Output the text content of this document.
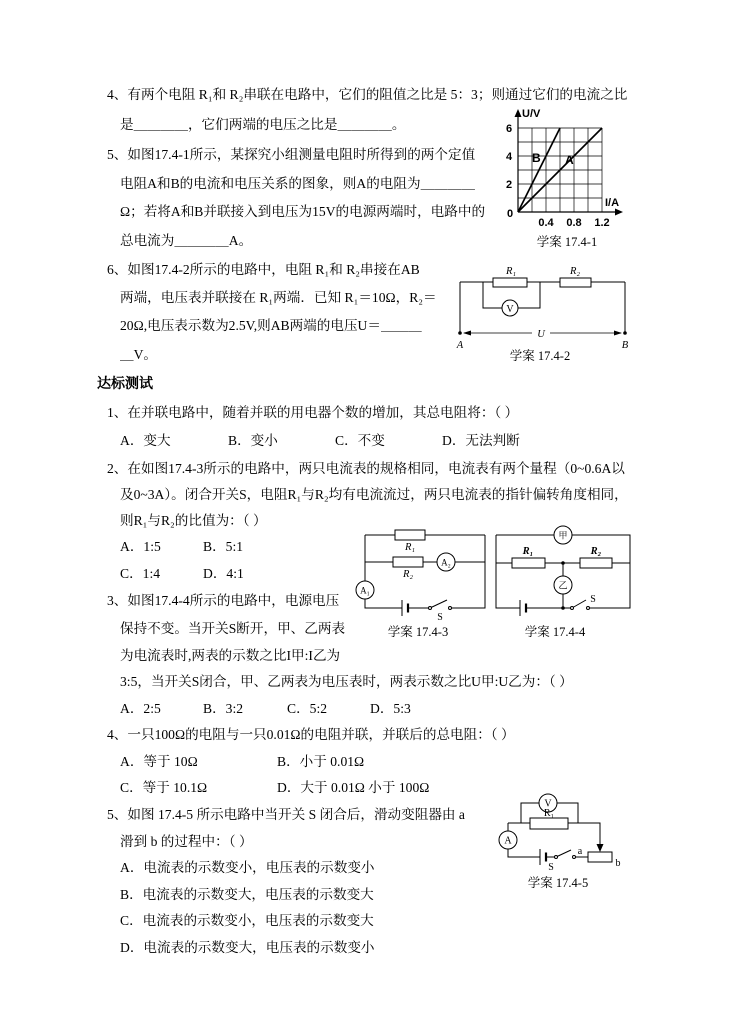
4、有两个电阻 R₁和 R₂串联在电路中，它们的阻值之比是 5：3；则通过它们的电流之比
是＿＿＿＿，它们两端的电压之比是＿＿＿＿。
5、如图17.4-1所示，某探究小组测量电阻时所得到的两个定值
电阻A和B的电流和电压关系的图象，则A的电阻为＿＿＿＿
Ω；若将A和B并联接入到电压为15V的电源两端时，电路中的
总电流为＿＿＿＿A。
6、如图17.4-2所示的电路中，电阻 R₁和 R₂串接在AB
两端，电压表并联接在 R₁两端．已知 R₁＝10Ω，R₂＝
20Ω,电压表示数为2.5V,则AB两端的电压U＝＿＿＿
＿V。
达标测试
1、在并联电路中，随着并联的用电器个数的增加，其总电阻将：（ ）
A．变大	B．变小	C．不变	D．无法判断
2、在如图17.4-3所示的电路中，两只电流表的规格相同，电流表有两个量程（0~0.6A以
及0~3A）。闭合开关S，电阻R₁与R₂均有电流流过，两只电流表的指针偏转角度相同，
则R₁与R₂的比值为：（ ）
A．1:5	B．5:1
C．1:4	D．4:1
3、如图17.4-4所示的电路中，电源电压
保持不变。当开关S断开，甲、乙两表
为电流表时,两表的示数之比I甲:I乙为
3:5，当开关S闭合，甲、乙两表为电压表时，两表示数之比U甲:U乙为：（ ）
A．2:5	B．3:2	C．5:2	D．5:3
4、一只100Ω的电阻与一只0.01Ω的电阻并联，并联后的总电阻：（ ）
A．等于 10Ω	B．小于 0.01Ω
C．等于 10.1Ω	D．大于 0.01Ω 小于 100Ω
5、如图 17.4-5 所示电路中当开关 S 闭合后，滑动变阻器由 a
滑到 b 的过程中：（ ）
A．电流表的示数变小，电压表的示数变小
B．电流表的示数变大，电压表的示数变大
C．电流表的示数变小，电压表的示数变大
D．电流表的示数变大，电压表的示数变小
U/V
I/A
6
4
2
0
0.4 0.8 1.2
B A
学案 17.4-1
V
R₁	R₂
U
A	B
学案 17.4-2
R₁
R₂
A₂
A₁
S
学案 17.4-3
甲
乙
R₁	R₂
S
学案 17.4-4
V
R₁
A
S
a
b
学案 17.4-5
